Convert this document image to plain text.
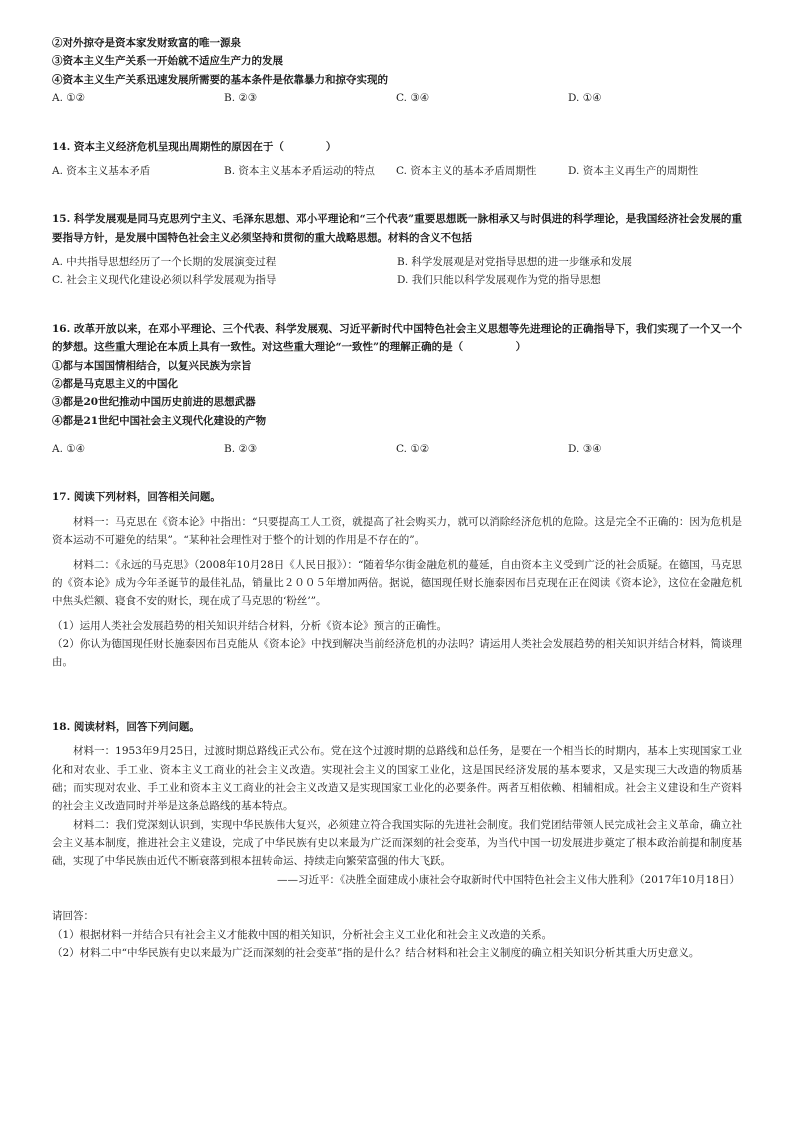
②对外掠夺是资本家发财致富的唯一源泉
③资本主义生产关系一开始就不适应生产力的发展
④资本主义生产关系迅速发展所需要的基本条件是依靠暴力和掠夺实现的
A. ①②	B. ②③	C. ③④	D. ①④
14. 资本主义经济危机呈现出周期性的原因在于（　　　　）
A. 资本主义基本矛盾	B. 资本主义基本矛盾运动的特点	C. 资本主义的基本矛盾周期性	D. 资本主义再生产的周期性
15. 科学发展观是同马克思列宁主义、毛泽东思想、邓小平理论和“三个代表”重要思想既一脉相承又与时俱进的科学理论，是我国经济社会发展的重要指导方针，是发展中国特色社会主义必须坚持和贯彻的重大战略思想。材料的含义不包括
A. 中共指导思想经历了一个长期的发展演变过程	B. 科学发展观是对党指导思想的进一步继承和发展
C. 社会主义现代化建设必须以科学发展观为指导	D. 我们只能以科学发展观作为党的指导思想
16. 改革开放以来，在邓小平理论、三个代表、科学发展观、习近平新时代中国特色社会主义思想等先进理论的正确指导下，我们实现了一个又一个的梦想。这些重大理论在本质上具有一致性。对这些重大理论“一致性”的理解正确的是（　　　　　）
①都与本国国情相结合，以复兴民族为宗旨
②都是马克思主义的中国化
③都是20世纪推动中国历史前进的思想武器
④都是21世纪中国社会主义现代化建设的产物
A. ①④	B. ②③	C. ①②	D. ③④
17. 阅读下列材料，回答相关问题。
材料一：马克思在《资本论》中指出：“只要提高工人工资，就提高了社会购买力，就可以消除经济危机的危险。这是完全不正确的：因为危机是资本运动不可避免的结果”。“某种社会理性对于整个的计划的作用是不存在的”。
材料二：《永远的马克思》（2008年10月28日《人民日报》）：“随着华尔街金融危机的蔓延，自由资本主义受到广泛的社会质疑。在德国，马克思的《资本论》成为今年圣诞节的最佳礼品，销量比２００５年增加两倍。据说，德国现任财长施泰因布吕克现在正在阅读《资本论》，这位在金融危机中焦头烂额、寝食不安的财长，现在成了马克思的‘粉丝’”。
（1）运用人类社会发展趋势的相关知识并结合材料，分析《资本论》预言的正确性。
（2）你认为德国现任财长施泰因布吕克能从《资本论》中找到解决当前经济危机的办法吗？请运用人类社会发展趋势的相关知识并结合材料，简谈理由。
18. 阅读材料，回答下列问题。
材料一：1953年9月25日，过渡时期总路线正式公布。党在这个过渡时期的总路线和总任务，是要在一个相当长的时期内，基本上实现国家工业化和对农业、手工业、资本主义工商业的社会主义改造。实现社会主义的国家工业化，这是国民经济发展的基本要求，又是实现三大改造的物质基础；而实现对农业、手工业和资本主义工商业的社会主义改造又是实现国家工业化的必要条件。两者互相依赖、相辅相成。社会主义建设和生产资料的社会主义改造同时并举是这条总路线的基本特点。
材料二：我们党深刻认识到，实现中华民族伟大复兴，必须建立符合我国实际的先进社会制度。我们党团结带领人民完成社会主义革命，确立社会主义基本制度，推进社会主义建设，完成了中华民族有史以来最为广泛而深刻的社会变革，为当代中国一切发展进步奠定了根本政治前提和制度基础，实现了中华民族由近代不断衰落到根本扭转命运、持续走向繁荣富强的伟大飞跃。
——习近平：《决胜全面建成小康社会夺取新时代中国特色社会主义伟大胜利》（2017年10月18日）
请回答：
（1）根据材料一并结合只有社会主义才能救中国的相关知识，分析社会主义工业化和社会主义改造的关系。
（2）材料二中“中华民族有史以来最为广泛而深刻的社会变革”指的是什么？结合材料和社会主义制度的确立相关知识分析其重大历史意义。
